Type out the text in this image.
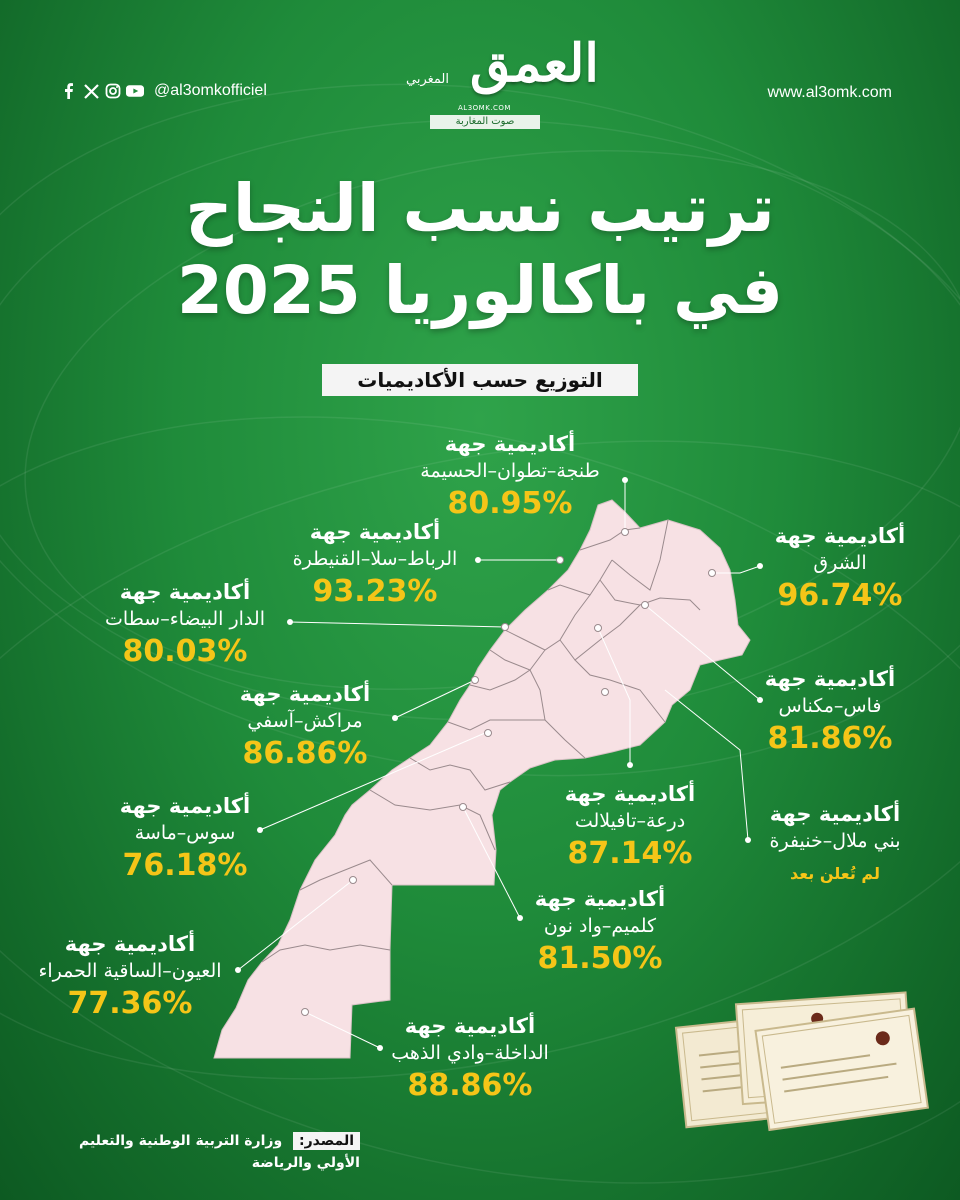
@al3omkofficiel	www.al3omk.com
العمق
المغربي
AL3OMK.COM
صوت المغاربة
ترتيب نسب النجاح
في باكالوريا 2025
التوزيع حسب الأكاديميات
أكاديمية جهة
طنجة–تطوان–الحسيمة
80.95%
أكاديمية جهة
الشرق
96.74%
أكاديمية جهة
الرباط–سلا–القنيطرة
93.23%
أكاديمية جهة
الدار البيضاء–سطات
80.03%
أكاديمية جهة
فاس–مكناس
81.86%
أكاديمية جهة
مراكش–آسفي
86.86%
أكاديمية جهة
بني ملال–خنيفرة
لم تُعلن بعد
أكاديمية جهة
درعة–تافيلالت
87.14%
أكاديمية جهة
سوس–ماسة
76.18%
أكاديمية جهة
كلميم–واد نون
81.50%
أكاديمية جهة
العيون–الساقية الحمراء
77.36%
أكاديمية جهة
الداخلة–وادي الذهب
88.86%
المصدر: وزارة التربية الوطنية والتعليم الأولي والرياضة
